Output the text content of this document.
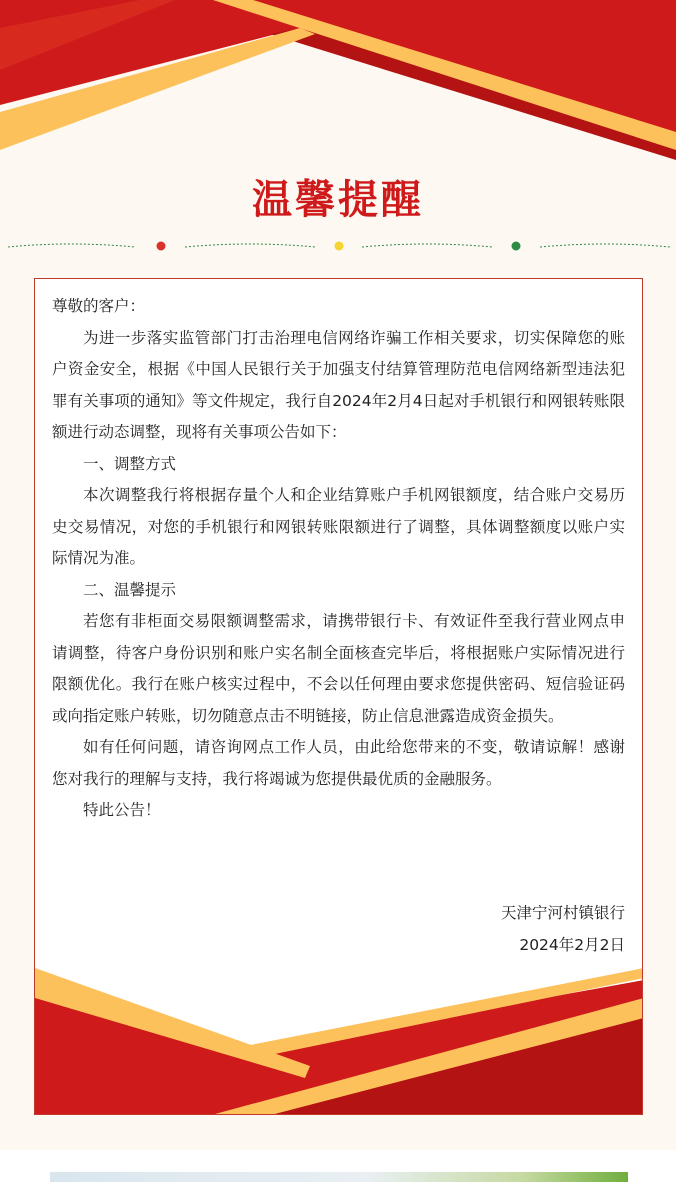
温馨提醒

尊敬的客户：

为进一步落实监管部门打击治理电信网络诈骗工作相关要求，切实保障您的账户资金安全，根据《中国人民银行关于加强支付结算管理防范电信网络新型违法犯罪有关事项的通知》等文件规定，我行自2024年2月4日起对手机银行和网银转账限额进行动态调整，现将有关事项公告如下：

一、调整方式

本次调整我行将根据存量个人和企业结算账户手机网银额度，结合账户交易历史交易情况，对您的手机银行和网银转账限额进行了调整，具体调整额度以账户实际情况为准。

二、温馨提示

若您有非柜面交易限额调整需求，请携带银行卡、有效证件至我行营业网点申请调整，待客户身份识别和账户实名制全面核查完毕后，将根据账户实际情况进行限额优化。我行在账户核实过程中，不会以任何理由要求您提供密码、短信验证码或向指定账户转账，切勿随意点击不明链接，防止信息泄露造成资金损失。

如有任何问题，请咨询网点工作人员，由此给您带来的不变，敬请谅解！感谢您对我行的理解与支持，我行将竭诚为您提供最优质的金融服务。

特此公告！

天津宁河村镇银行
2024年2月2日
